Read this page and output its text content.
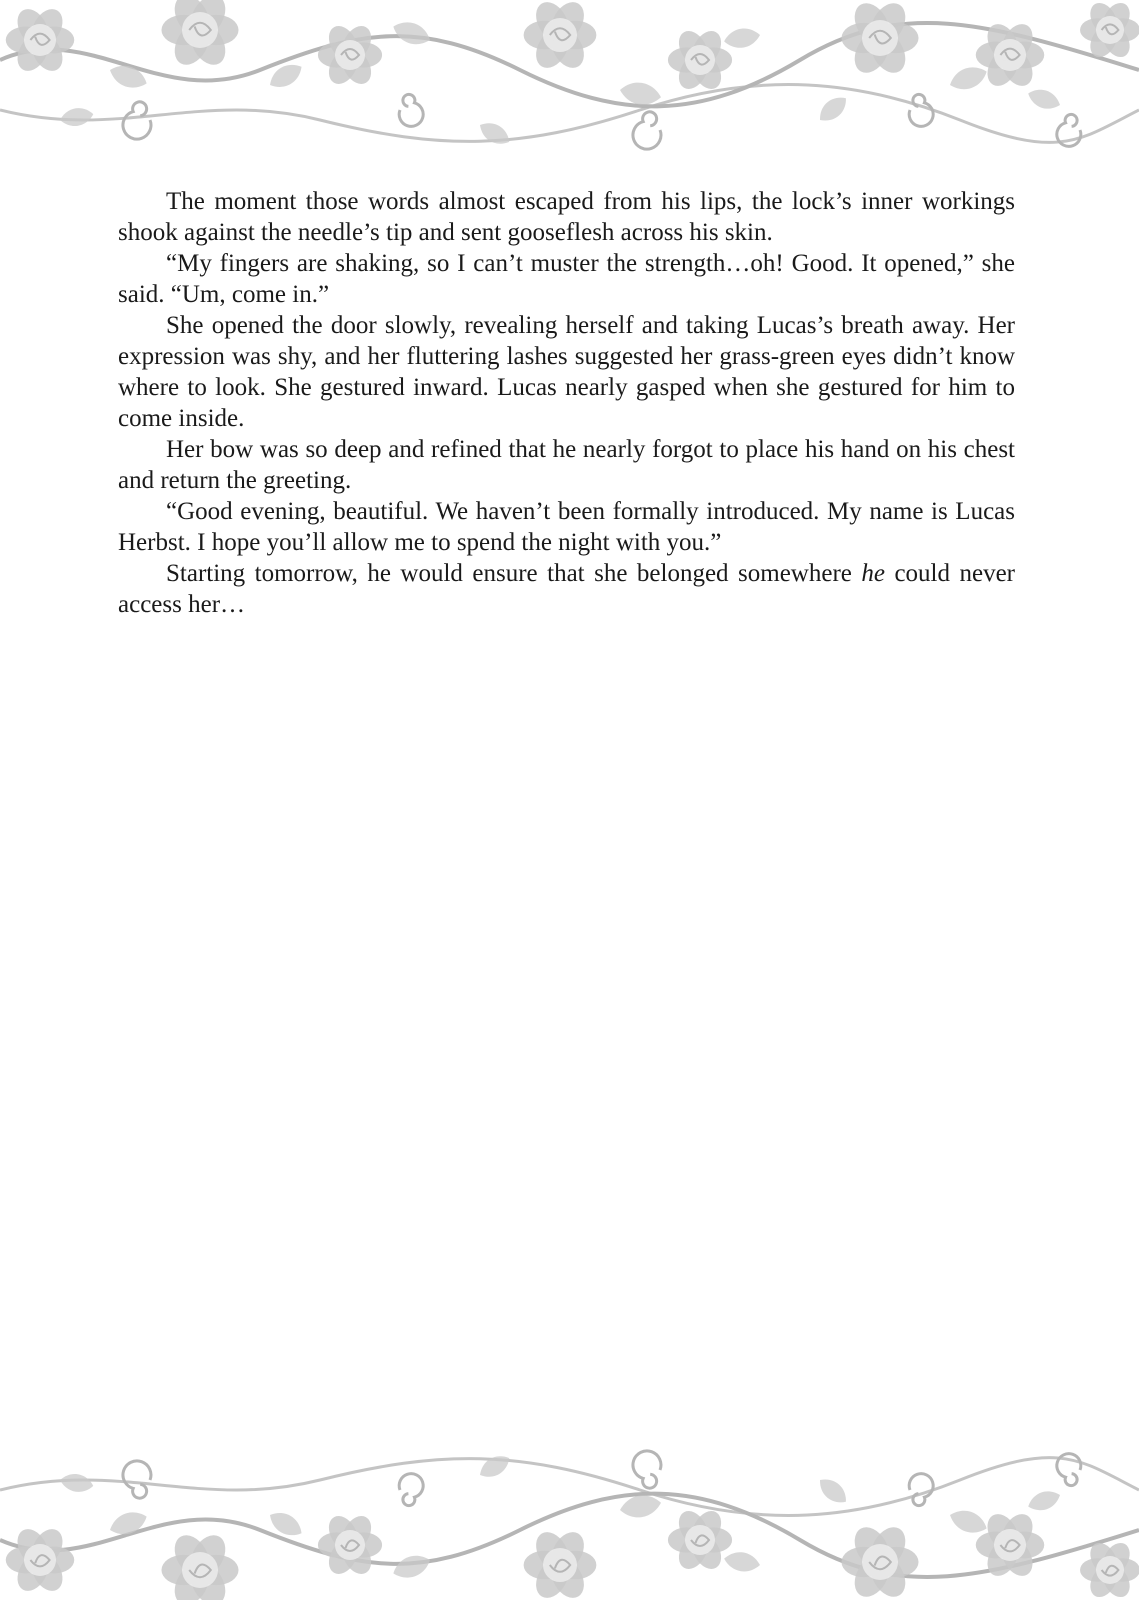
The moment those words almost escaped from his lips, the lock’s inner workings shook against the needle’s tip and sent gooseflesh across his skin.

“My fingers are shaking, so I can’t muster the strength…oh! Good. It opened,” she said. “Um, come in.”

She opened the door slowly, revealing herself and taking Lucas’s breath away. Her expression was shy, and her fluttering lashes suggested her grass-green eyes didn’t know where to look. She gestured inward. Lucas nearly gasped when she gestured for him to come inside.

Her bow was so deep and refined that he nearly forgot to place his hand on his chest and return the greeting.

“Good evening, beautiful. We haven’t been formally introduced. My name is Lucas Herbst. I hope you’ll allow me to spend the night with you.”

Starting tomorrow, he would ensure that she belonged somewhere he could never access her…
